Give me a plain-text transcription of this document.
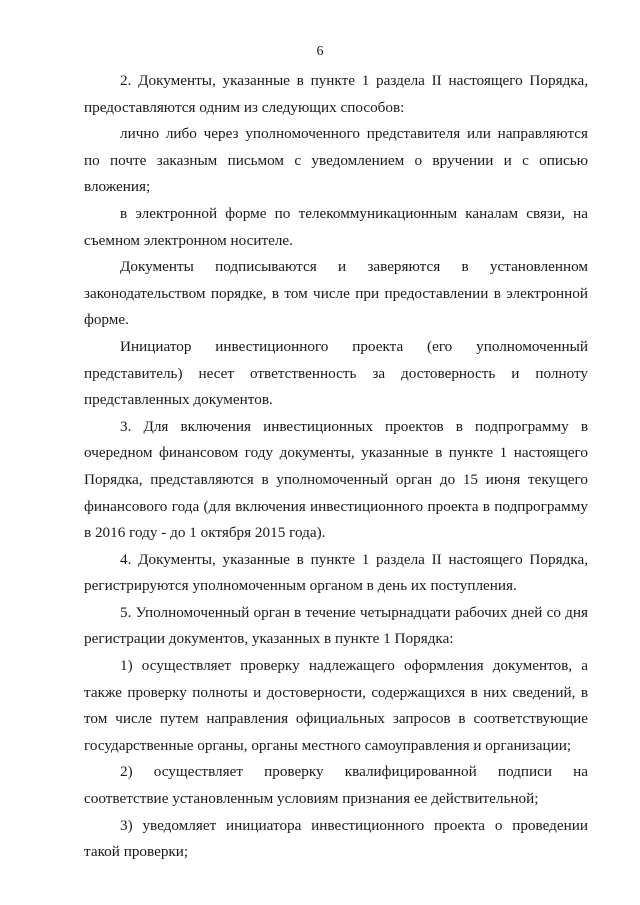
6

2. Документы, указанные в пункте 1 раздела II настоящего Порядка, предоставляются одним из следующих способов:

лично либо через уполномоченного представителя или направляются по почте заказным письмом с уведомлением о вручении и с описью вложения;

в электронной форме по телекоммуникационным каналам связи, на съемном электронном носителе.

Документы подписываются и заверяются в установленном законодательством порядке, в том числе при предоставлении в электронной форме.

Инициатор инвестиционного проекта (его уполномоченный представитель) несет ответственность за достоверность и полноту представленных документов.

3. Для включения инвестиционных проектов в подпрограмму в очередном финансовом году документы, указанные в пункте 1 настоящего Порядка, представляются в уполномоченный орган до 15 июня текущего финансового года (для включения инвестиционного проекта в подпрограмму в 2016 году - до 1 октября 2015 года).

4. Документы, указанные в пункте 1 раздела II настоящего Порядка, регистрируются уполномоченным органом в день их поступления.

5. Уполномоченный орган в течение четырнадцати рабочих дней со дня регистрации документов, указанных в пункте 1 Порядка:

1) осуществляет проверку надлежащего оформления документов, а также проверку полноты и достоверности, содержащихся в них сведений, в том числе путем направления официальных запросов в соответствующие государственные органы, органы местного самоуправления и организации;

2) осуществляет проверку квалифицированной подписи на соответствие установленным условиям признания ее действительной;

3) уведомляет инициатора инвестиционного проекта о проведении такой проверки;
